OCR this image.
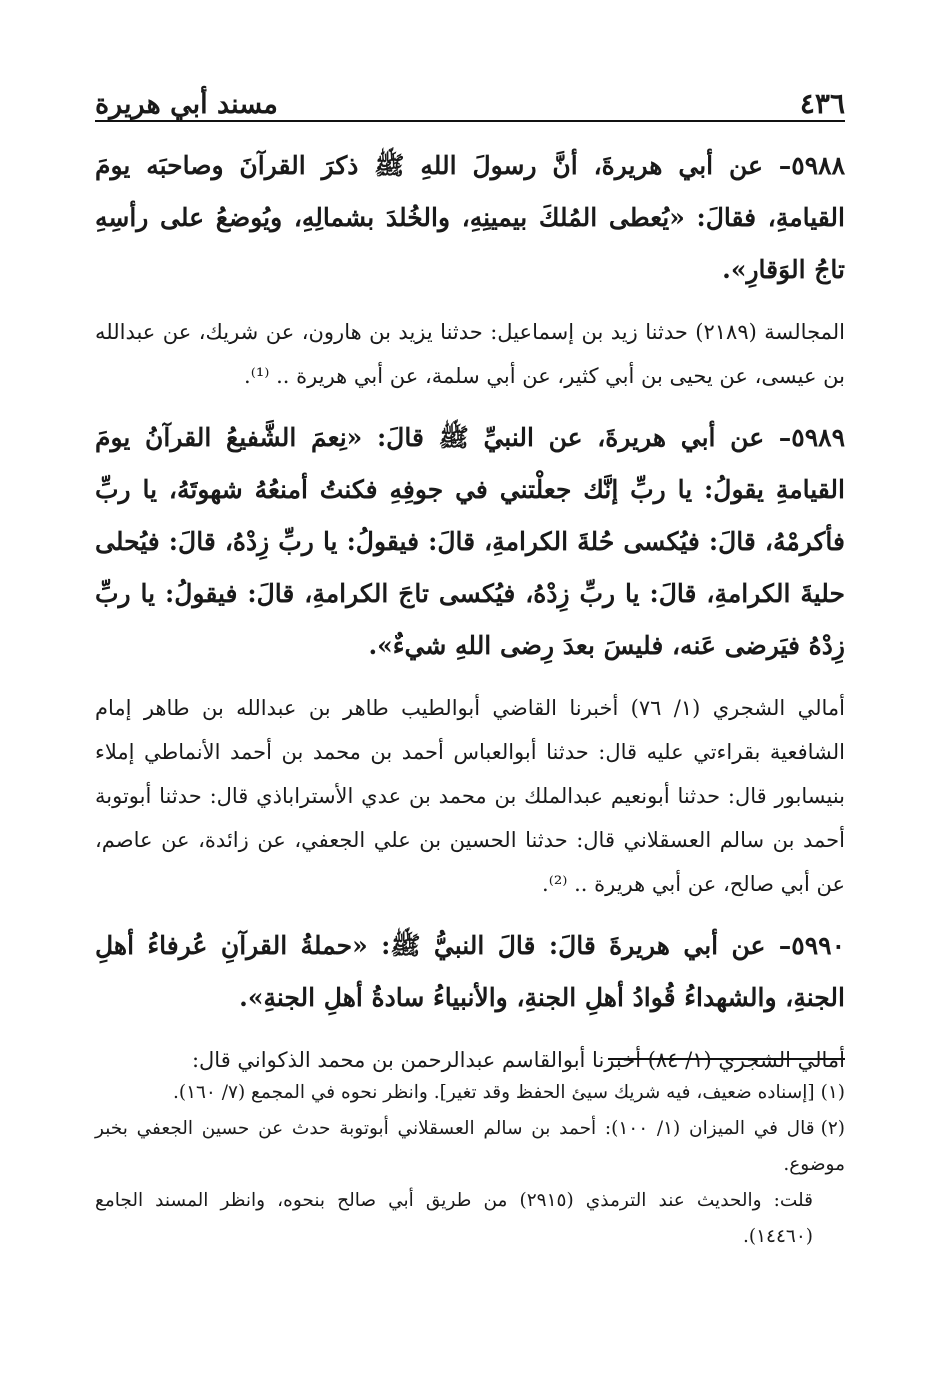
٤٣٦
مسند أبي هريرة

٥٩٨٨– عن أبي هريرةَ، أنَّ رسولَ اللهِ ﷺ ذكرَ القرآنَ وصاحبَه يومَ القيامةِ، فقالَ: «يُعطى المُلكَ بيمينِهِ، والخُلدَ بشمالِهِ، ويُوضعُ على رأسِهِ تاجُ الوَقارِ».

المجالسة (٢١٨٩) حدثنا زيد بن إسماعيل: حدثنا يزيد بن هارون، عن شريك، عن عبدالله بن عيسى، عن يحيى بن أبي كثير، عن أبي سلمة، عن أبي هريرة .. ⁽¹⁾.

٥٩٨٩– عن أبي هريرةَ، عن النبيِّ ﷺ قالَ: «نِعمَ الشَّفيعُ القرآنُ يومَ القيامةِ يقولُ: يا ربِّ إنَّك جعلْتني في جوفِهِ فكنتُ أمنعُهُ شهوتَهُ، يا ربِّ فأكرمْهُ، قالَ: فيُكسى حُلةَ الكرامةِ، قالَ: فيقولُ: يا ربِّ زِدْهُ، قالَ: فيُحلى حليةَ الكرامةِ، قالَ: يا ربِّ زِدْهُ، فيُكسى تاجَ الكرامةِ، قالَ: فيقولُ: يا ربِّ زِدْهُ فيَرضى عَنه، فليسَ بعدَ رِضى اللهِ شيءٌ».

أمالي الشجري (١/ ٧٦) أخبرنا القاضي أبوالطيب طاهر بن عبدالله بن طاهر إمام الشافعية بقراءتي عليه قال: حدثنا أبوالعباس أحمد بن محمد بن أحمد الأنماطي إملاء بنيسابور قال: حدثنا أبونعيم عبدالملك بن محمد بن عدي الأستراباذي قال: حدثنا أبوتوبة أحمد بن سالم العسقلاني قال: حدثنا الحسين بن علي الجعفي، عن زائدة، عن عاصم، عن أبي صالح، عن أبي هريرة .. ⁽²⁾.

٥٩٩٠– عن أبي هريرةَ قالَ: قالَ النبيُّ ﷺ: «حملةُ القرآنِ عُرفاءُ أهلِ الجنةِ، والشهداءُ قُوادُ أهلِ الجنةِ، والأنبياءُ سادةُ أهلِ الجنةِ».

أمالي الشجري (١/ ٨٤) أخبرنا أبوالقاسم عبدالرحمن بن محمد الذكواني قال:

(١)[إسناده ضعيف، فيه شريك سيئ الحفظ وقد تغير]. وانظر نحوه في المجمع (٧/ ١٦٠).

(٢)قال في الميزان (١/ ١٠٠): أحمد بن سالم العسقلاني أبوتوبة حدث عن حسين الجعفي بخبر موضوع.

قلت: والحديث عند الترمذي (٢٩١٥) من طريق أبي صالح بنحوه، وانظر المسند الجامع (١٤٤٦٠).
